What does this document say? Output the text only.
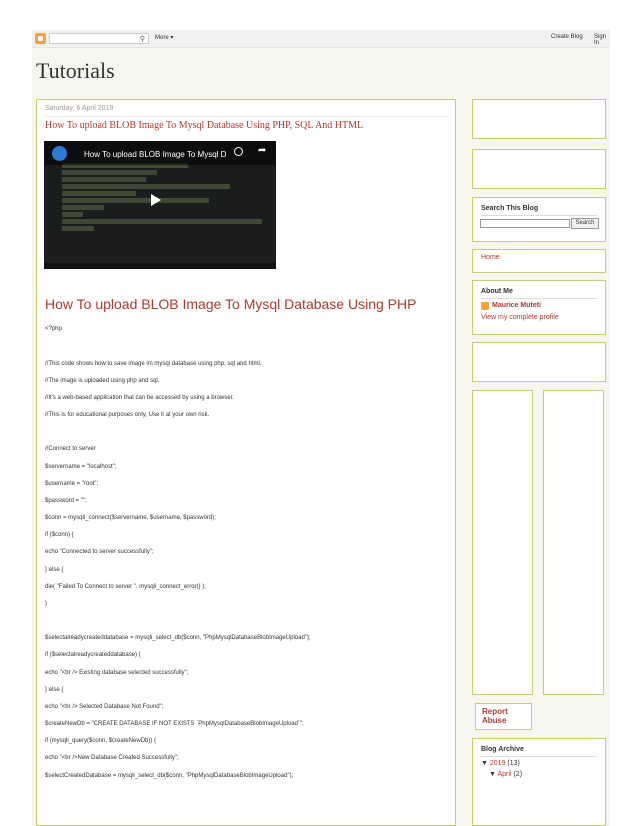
⚲ More ▾	Create Blog Sign In
Tutorials
Saturday, 6 April 2019
How To upload BLOB Image To Mysql Database Using PHP, SQL And HTML
How To upload BLOB Image To Mysql D	➦
How To upload BLOB Image To Mysql Database Using PHP
<?php
//This code shows how to save image im mysql database using php, sql and html.
//The image is uploaded using php and sql.
//It's a web-based application that can be accessed by using a browser.
//This is for educational purposes only, Use it at your own risk.
//Connect to server
$servername = "localhost";
$username = "root";
$password = "";
$conn = mysqli_connect($servername, $username, $password);
if ($conn) {
echo "Connected to server successfully";
} else {
die( "Failed To Connect to server ". mysqli_connect_error() );
}
$selectalreadycreateddatabase = mysqli_select_db($conn, "PhpMysqlDatabaseBlobImageUpload");
if ($selectalreadycreateddatabase) {
echo "<br /> Existing database selected successfully";
} else {
echo "<br /> Selected Database Not Found";
$createNewDb = "CREATE DATABASE IF NOT EXISTS `PhpMysqlDatabaseBlobImageUpload`";
if (mysqli_query($conn, $createNewDb)) {
echo "<br />New Database Created Successfully";
$selectCreatedDatabase = mysqli_select_db($conn, "PhpMysqlDatabaseBlobImageUpload");
Search This Blog
Search
Home
About Me
Maurice Muteti
View my complete profile
Report
Abuse
Blog Archive
▼ 2019 (13)
▼ April (2)
